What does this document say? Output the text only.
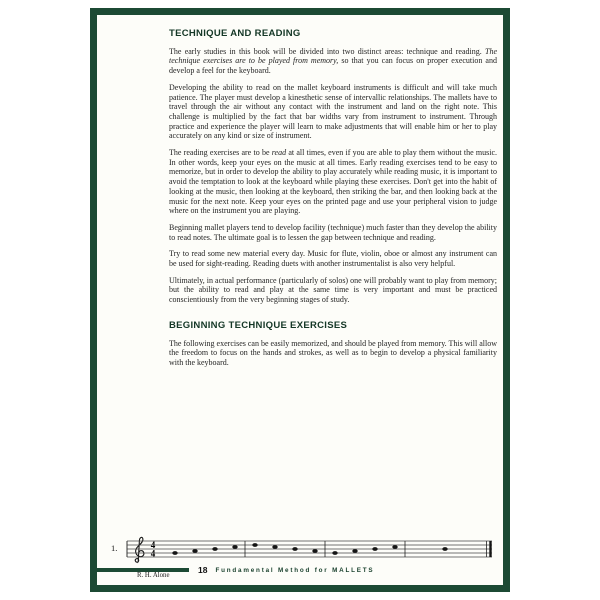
TECHNIQUE AND READING

The early studies in this book will be divided into two distinct areas: technique and reading. The technique exercises are to be played from memory, so that you can focus on proper execution and develop a feel for the keyboard.

Developing the ability to read on the mallet keyboard instruments is difficult and will take much patience. The player must develop a kinesthetic sense of intervallic relationships. The mallets have to travel through the air without any contact with the instrument and land on the right note. This challenge is multiplied by the fact that bar widths vary from instrument to instrument. Through practice and experience the player will learn to make adjustments that will enable him or her to play accurately on any kind or size of instrument.

The reading exercises are to be read at all times, even if you are able to play them without the music. In other words, keep your eyes on the music at all times. Early reading exercises tend to be easy to memorize, but in order to develop the ability to play accurately while reading music, it is important to avoid the temptation to look at the keyboard while playing these exercises. Don't get into the habit of looking at the music, then looking at the keyboard, then striking the bar, and then looking back at the music for the next note. Keep your eyes on the printed page and use your peripheral vision to judge where on the instrument you are playing.

Beginning mallet players tend to develop facility (technique) much faster than they develop the ability to read notes. The ultimate goal is to lessen the gap between technique and reading.

Try to read some new material every day. Music for flute, violin, oboe or almost any instrument can be used for sight-reading. Reading duets with another instrumentalist is also very helpful.

Ultimately, in actual performance (particularly of solos) one will probably want to play from memory; but the ability to read and play at the same time is very important and must be practiced conscientiously from the very beginning stages of study.

BEGINNING TECHNIQUE EXERCISES

The following exercises can be easily memorized, and should be played from memory. This will allow the freedom to focus on the hands and strokes, as well as to begin to develop a physical familiarity with the keyboard.

1.	4
4
R. H. Alone
18 Fundamental Method for MALLETS
